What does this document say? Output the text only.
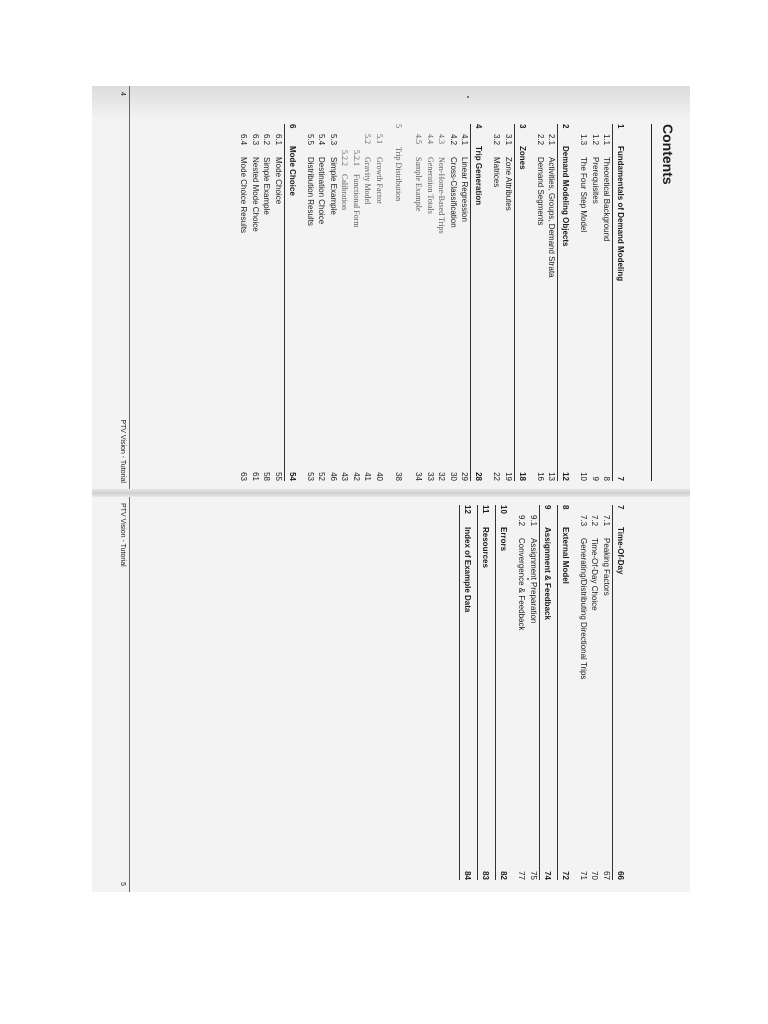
Contents
1
Fundamentals of Demand Modeling
7
1.1
Theoretical Background
8
1.2
Prerequisites
9
1.3
The Four Step Model
10
2
Demand Modeling Objects
12
2.1
Activities, Groups, Demand Strata
13
2.2
Demand Segments
16
3
Zones
18
3.1
Zone Attributes
19
3.2
Matrices
22
4
Trip Generation
28
4.1
Linear Regression
29
4.2
Cross-Classification
30
4.3
Non-Home-Based Trips
32
4.4
Generation Totals
33
4.5
Sample Example
34
5
Trip Distribution
38
5.1
Growth Factor
40
5.2
Gravity Model
41
5.2.1
Functional Form
42
5.2.2
Calibration
43
5.3
Simple Example
46
5.4
Destination Choice
52
5.5
Distribution Results
53
6
Mode Choice
54
6.1
Mode Choice
55
6.2
Simple Example
58
6.3
Nested Mode Choice
61
6.4
Mode Choice Results
63
4
PTV Vision - Tutorial
7
Time-Of-Day
66
7.1
Peaking Factors
67
7.2
Time-Of-Day Choice
70
7.3
Generating/Distributing Directional Trips
71
8
External Model
72
9
Assignment & Feedback
74
9.1
Assignment Preparation
75
9.2
Convergence & Feedback
77
10
Errors
82
11
Resources
83
12
Index of Example Data
84
PTV Vision - Tutorial
5
